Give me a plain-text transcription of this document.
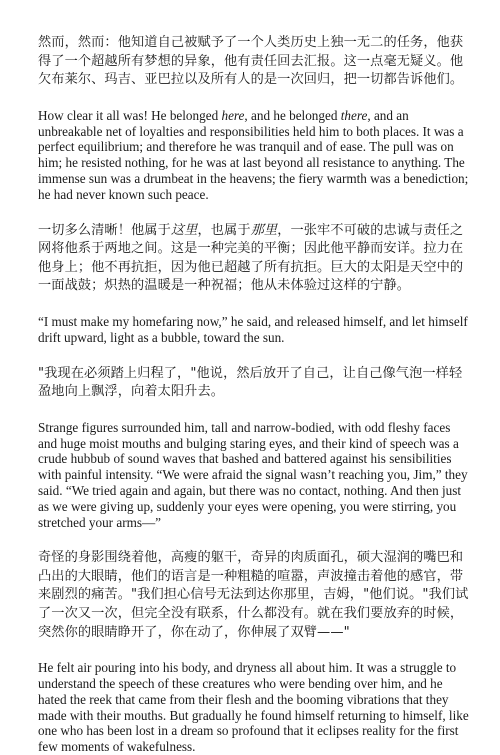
然而，然而：他知道自己被赋予了一个人类历史上独一无二的任务，他获得了一个超越所有梦想的异象，他有责任回去汇报。这一点毫无疑义。他欠布莱尔、玛吉、亚巴拉以及所有人的是一次回归，把一切都告诉他们。

How clear it all was! He belonged here, and he belonged there, and an unbreakable net of loyalties and responsibilities held him to both places. It was a perfect equilibrium; and therefore he was tranquil and of ease. The pull was on him; he resisted nothing, for he was at last beyond all resistance to anything. The immense sun was a drumbeat in the heavens; the fiery warmth was a benediction; he had never known such peace.

一切多么清晰！他属于这里，也属于那里，一张牢不可破的忠诚与责任之网将他系于两地之间。这是一种完美的平衡；因此他平静而安详。拉力在他身上；他不再抗拒，因为他已超越了所有抗拒。巨大的太阳是天空中的一面战鼓；炽热的温暖是一种祝福；他从未体验过这样的宁静。

“I must make my homefaring now,” he said, and released himself, and let himself drift upward, light as a bubble, toward the sun.

"我现在必须踏上归程了，"他说，然后放开了自己，让自己像气泡一样轻盈地向上飘浮，向着太阳升去。

Strange figures surrounded him, tall and narrow-bodied, with odd fleshy faces and huge moist mouths and bulging staring eyes, and their kind of speech was a crude hubbub of sound waves that bashed and battered against his sensibilities with painful intensity. “We were afraid the signal wasn’t reaching you, Jim,” they said. “We tried again and again, but there was no contact, nothing. And then just as we were giving up, suddenly your eyes were opening, you were stirring, you stretched your arms—”

奇怪的身影围绕着他，高瘦的躯干，奇异的肉质面孔，硕大湿润的嘴巴和凸出的大眼睛，他们的语言是一种粗糙的喧嚣，声波撞击着他的感官，带来剧烈的痛苦。"我们担心信号无法到达你那里，吉姆，"他们说。"我们试了一次又一次，但完全没有联系，什么都没有。就在我们要放弃的时候，突然你的眼睛睁开了，你在动了，你伸展了双臂——"

He felt air pouring into his body, and dryness all about him. It was a struggle to understand the speech of these creatures who were bending over him, and he hated the reek that came from their flesh and the booming vibrations that they made with their mouths. But gradually he found himself returning to himself, like one who has been lost in a dream so profound that it eclipses reality for the first few moments of wakefulness.
